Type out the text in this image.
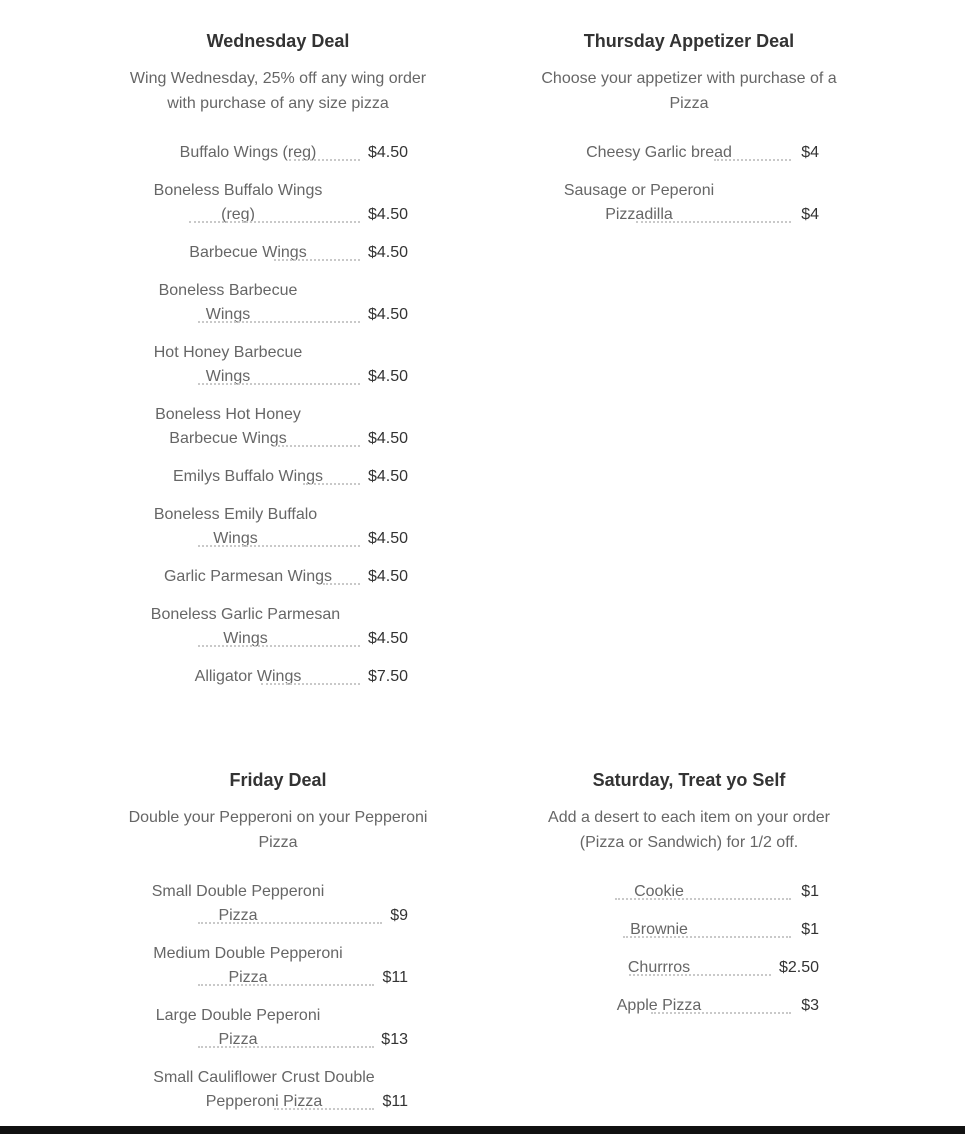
Wednesday Deal

Wing Wednesday, 25% off any wing order with purchase of any size pizza

Buffalo Wings (reg)	$4.50
Boneless Buffalo Wings (reg)	$4.50
Barbecue Wings	$4.50
Boneless Barbecue Wings	$4.50
Hot Honey Barbecue Wings	$4.50
Boneless Hot Honey Barbecue Wings	$4.50
Emilys Buffalo Wings	$4.50
Boneless Emily Buffalo Wings	$4.50
Garlic Parmesan Wings	$4.50
Boneless Garlic Parmesan Wings	$4.50
Alligator Wings	$7.50
Thursday Appetizer Deal

Choose your appetizer with purchase of a Pizza

Cheesy Garlic bread	$4
Sausage or Peperoni Pizzadilla	$4
Friday Deal

Double your Pepperoni on your Pepperoni Pizza

Small Double Pepperoni Pizza	$9
Medium Double Pepperoni Pizza	$11
Large Double Peperoni Pizza	$13
Small Cauliflower Crust Double Pepperoni Pizza	$11
Saturday, Treat yo Self

Add a desert to each item on your order (Pizza or Sandwich) for 1/2 off.

Cookie	$1
Brownie	$1
Churrros	$2.50
Apple Pizza	$3
